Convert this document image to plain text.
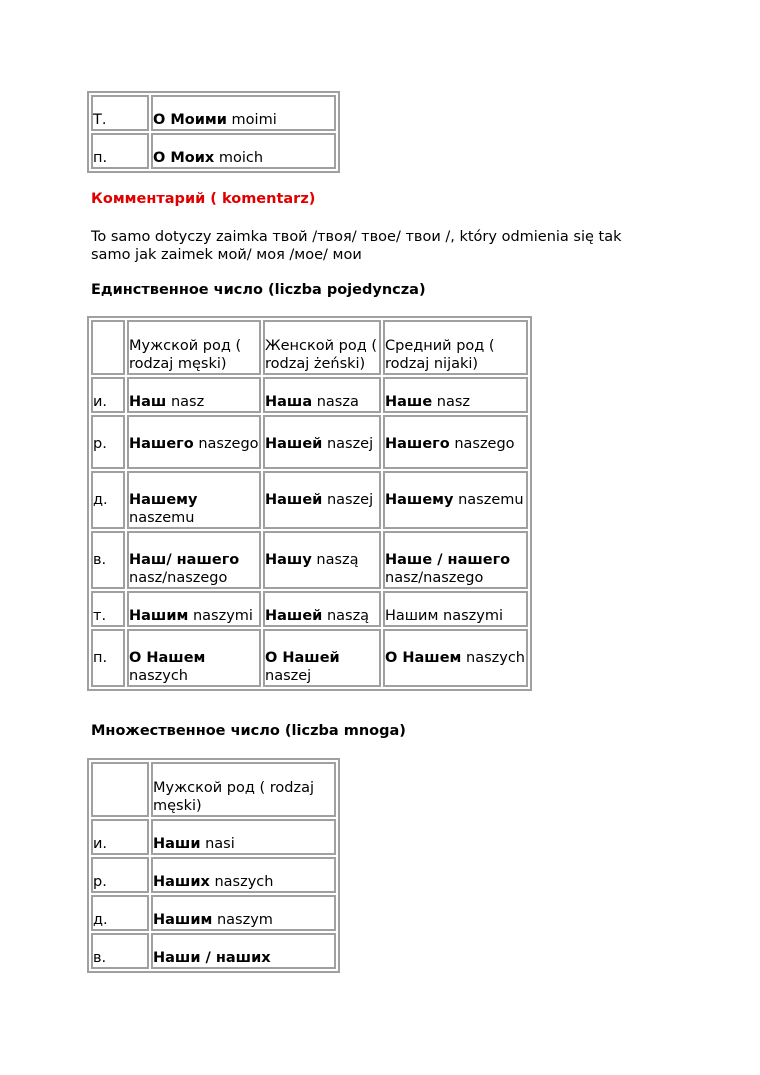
Т.	О Моими moimi
п.	О Моих moich
Комментарий ( komentarz)
To samo dotyczy zaimka твой /твоя/ твое/ твои /, który odmienia się tak
samo jak zaimek мой/ моя /мое/ мои
Единственное число (liczba pojedyncza)
	Мужской род ( rodzaj męski)	Женской род ( rodzaj żeński)	Средний род ( rodzaj nijaki)
и.	Наш nasz	Наша nasza	Наше nasz
р.	Нашего naszego	Нашей naszej	Нашего naszego
д.	Нашему naszemu	Нашей naszej	Нашему naszemu
в.	Наш/ нашего nasz/naszego	Нашу naszą	Наше / нашего nasz/naszego
т.	Нашим naszymi	Нашей naszą	Нашим naszymi
п.	О Нашем naszych	О Нашей naszej	О Нашем naszych
Множественное число (liczba mnoga)
	Мужской род ( rodzaj męski)
и.	Наши nasi
р.	Наших naszych
д.	Нашим naszym
в.	Наши / наших
